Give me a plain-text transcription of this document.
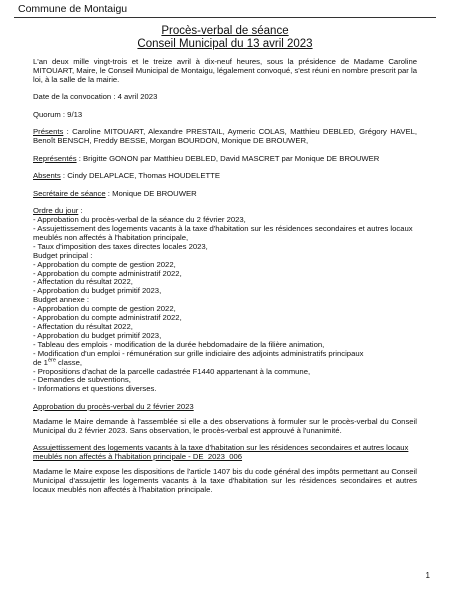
Commune de Montaigu
Procès-verbal de séance
Conseil Municipal du 13 avril 2023

L'an deux mille vingt-trois et le treize avril à dix-neuf heures, sous la présidence de Madame Caroline MITOUART, Maire, le Conseil Municipal de Montaigu, légalement convoqué, s'est réuni en nombre prescrit par la loi, à la salle de la mairie.

Date de la convocation : 4 avril 2023

Quorum : 9/13

Présents : Caroline MITOUART, Alexandre PRESTAIL, Aymeric COLAS, Matthieu DEBLED, Grégory HAVEL, Benoît BENSCH, Freddy BESSE, Morgan BOURDON, Monique DE BROUWER,

Représentés : Brigitte GONON par Matthieu DEBLED, David MASCRET par Monique DE BROUWER

Absents : Cindy DELAPLACE, Thomas HOUDELETTE

Secrétaire de séance : Monique DE BROUWER

Ordre du jour :

- Approbation du procès-verbal de la séance du 2 février 2023,

- Assujettissement des logements vacants à la taxe d'habitation sur les résidences secondaires et autres locaux meublés non affectés à l'habitation principale,

- Taux d'imposition des taxes directes locales 2023,

Budget principal :

- Approbation du compte de gestion 2022,

- Approbation du compte administratif 2022,

- Affectation du résultat 2022,

- Approbation du budget primitif 2023,

Budget annexe :

- Approbation du compte de gestion 2022,

- Approbation du compte administratif 2022,

- Affectation du résultat 2022,

- Approbation du budget primitif 2023,

- Tableau des emplois - modification de la durée hebdomadaire de la filière animation,

- Modification d'un emploi - rémunération sur grille indiciaire des adjoints administratifs principaux

de 1ère classe,

- Propositions d'achat de la parcelle cadastrée F1440 appartenant à la commune,

- Demandes de subventions,

- Informations et questions diverses.

Approbation du procès-verbal du 2 février 2023

Madame le Maire demande à l'assemblée si elle a des observations à formuler sur le procès-verbal du Conseil Municipal du 2 février 2023. Sans observation, le procès-verbal est approuvé à l'unanimité.

Assujettissement des logements vacants à la taxe d'habitation sur les résidences secondaires et autres locaux meublés non affectés à l'habitation principale - DE_2023_006

Madame le Maire expose les dispositions de l'article 1407 bis du code général des impôts permettant au Conseil Municipal d'assujettir les logements vacants à la taxe d'habitation sur les résidences secondaires et autres locaux meublés non affectés à l'habitation principale.

1
